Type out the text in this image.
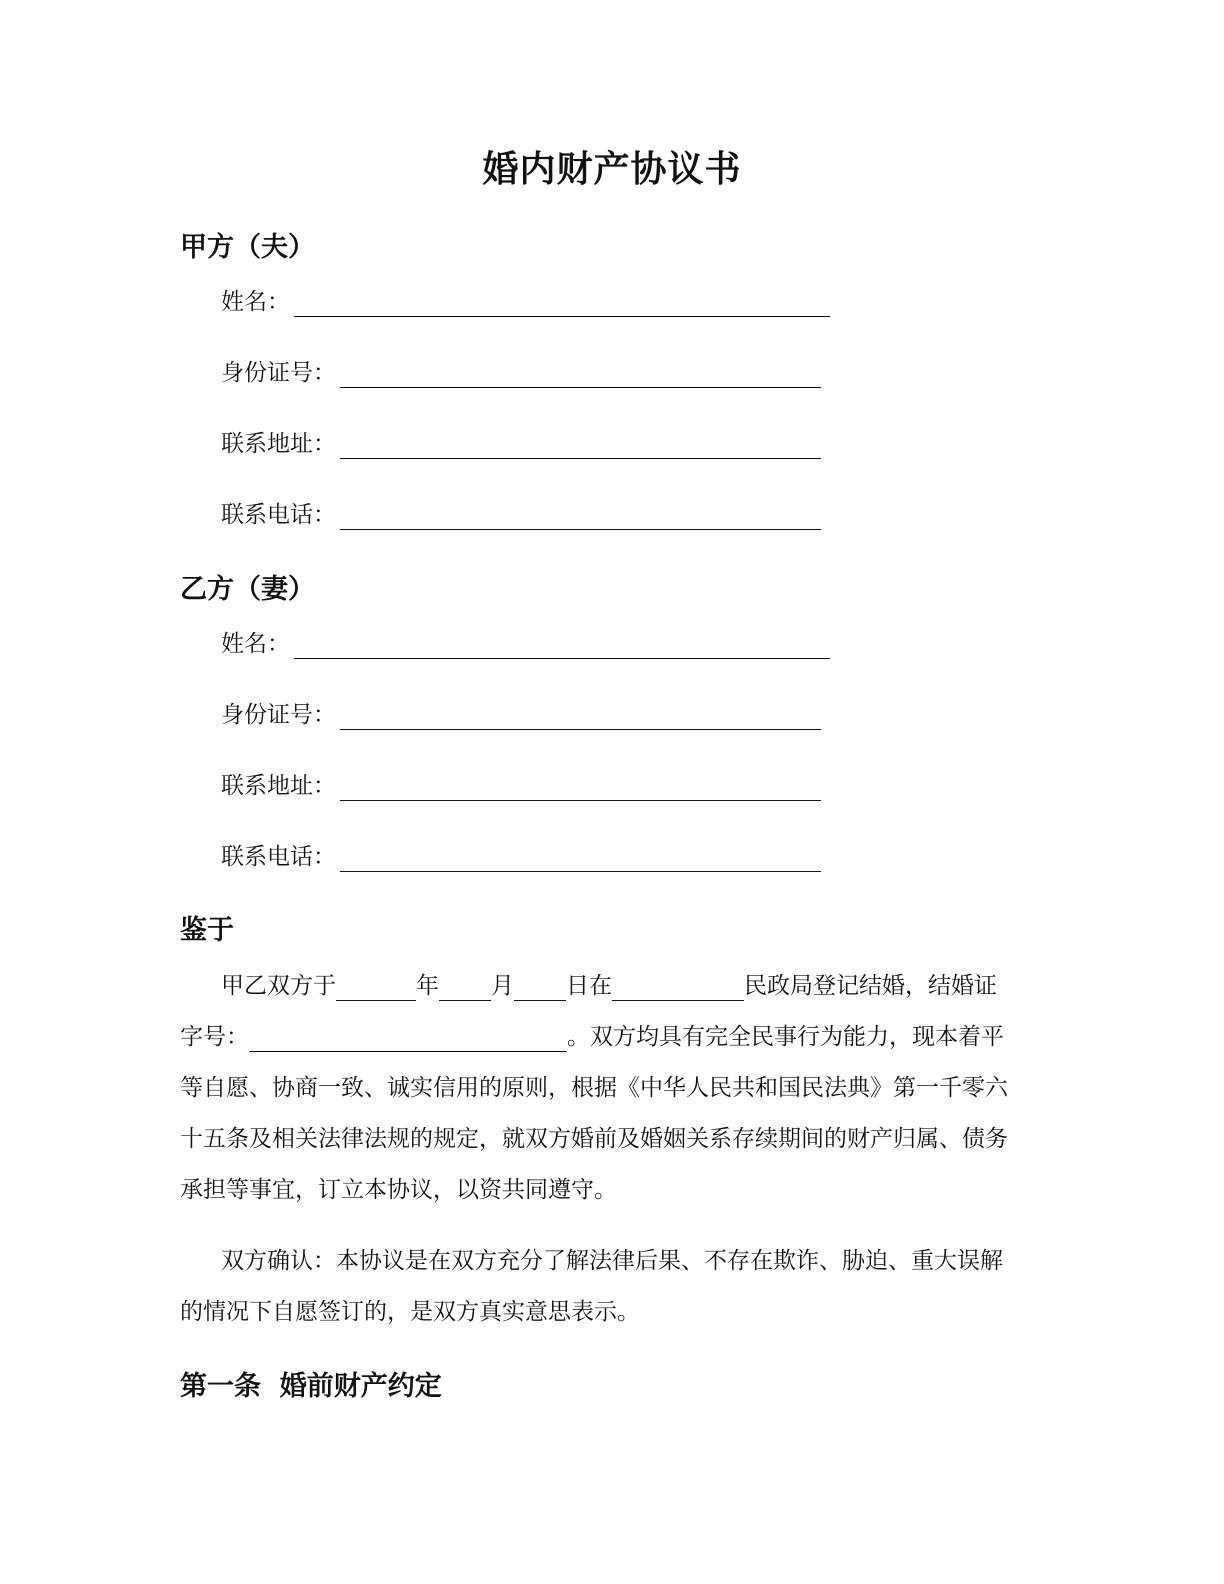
婚内财产协议书
甲方（夫）
姓名：
身份证号：
联系地址：
联系电话：
乙方（妻）
姓名：
身份证号：
联系地址：
联系电话：
鉴于
甲乙双方于	年 月 日在	民政局登记结婚，结婚证
字号：	。双方均具有完全民事行为能力，现本着平
等自愿、协商一致、诚实信用的原则，根据《中华人民共和国民法典》第一千零六
十五条及相关法律法规的规定，就双方婚前及婚姻关系存续期间的财产归属、债务
承担等事宜，订立本协议，以资共同遵守。
双方确认：本协议是在双方充分了解法律后果、不存在欺诈、胁迫、重大误解
的情况下自愿签订的，是双方真实意思表示。
第一条  婚前财产约定
